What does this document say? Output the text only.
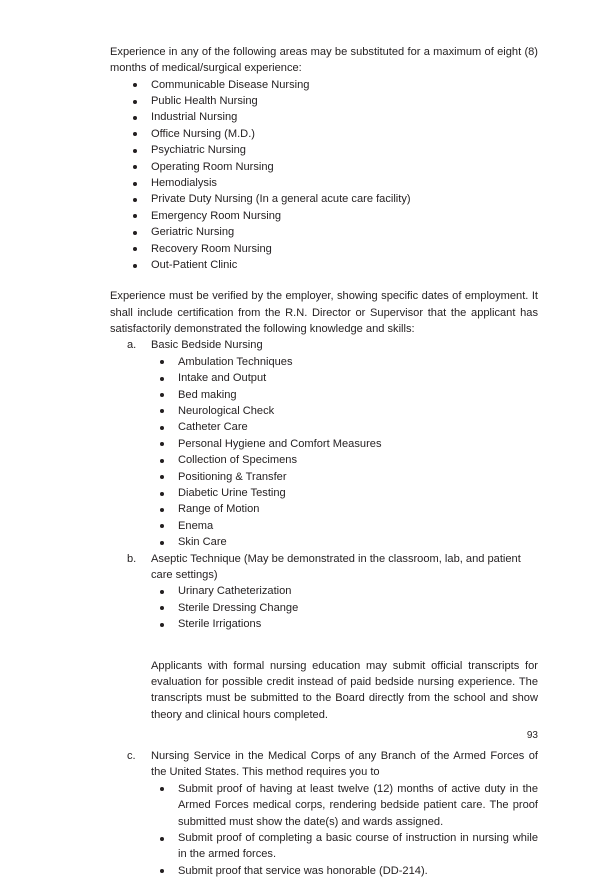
Experience in any of the following areas may be substituted for a maximum of eight (8) months of medical/surgical experience:

Communicable Disease Nursing
Public Health Nursing
Industrial Nursing
Office Nursing (M.D.)
Psychiatric Nursing
Operating Room Nursing
Hemodialysis
Private Duty Nursing (In a general acute care facility)
Emergency Room Nursing
Geriatric Nursing
Recovery Room Nursing
Out-Patient Clinic

Experience must be verified by the employer, showing specific dates of employment. It shall include certification from the R.N. Director or Supervisor that the applicant has satisfactorily demonstrated the following knowledge and skills:

a.	Basic Bedside Nursing
Ambulation Techniques
Intake and Output
Bed making
Neurological Check
Catheter Care
Personal Hygiene and Comfort Measures
Collection of Specimens
Positioning & Transfer
Diabetic Urine Testing
Range of Motion
Enema
Skin Care
b.	Aseptic Technique (May be demonstrated in the classroom, lab, and patient care settings)
Urinary Catheterization
Sterile Dressing Change
Sterile Irrigations

Applicants with formal nursing education may submit official transcripts for evaluation for possible credit instead of paid bedside nursing experience. The transcripts must be submitted to the Board directly from the school and show theory and clinical hours completed.

c.	Nursing Service in the Medical Corps of any Branch of the Armed Forces of the United States. This method requires you to
Submit proof of having at least twelve (12) months of active duty in the Armed Forces medical corps, rendering bedside patient care. The proof submitted must show the date(s) and wards assigned.
Submit proof of completing a basic course of instruction in nursing while in the armed forces.
Submit proof that service was honorable (DD-214).
93
